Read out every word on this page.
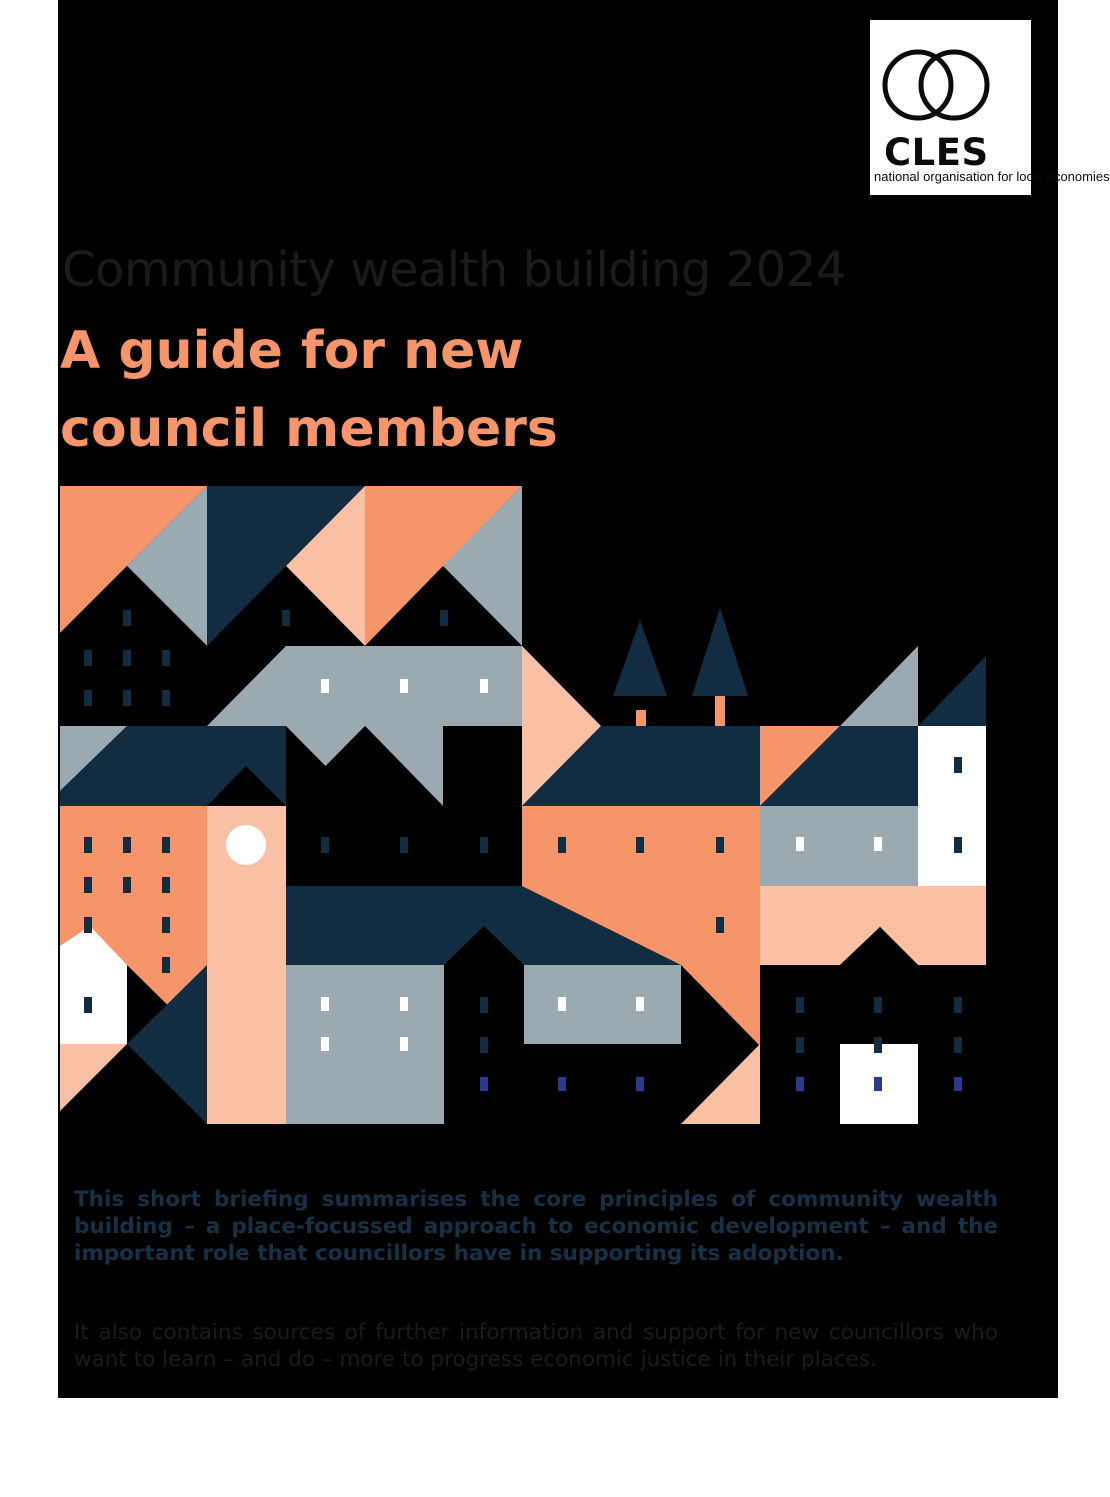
CLES
national organisation for local economies
Community wealth building 2024
A guide for new
council members
This short briefing summarises the core principles of community wealth building – a place-focussed approach to economic development – and the important role that councillors have in supporting its adoption.
It also contains sources of further information and support for new councillors who want to learn – and do – more to progress economic justice in their places.
